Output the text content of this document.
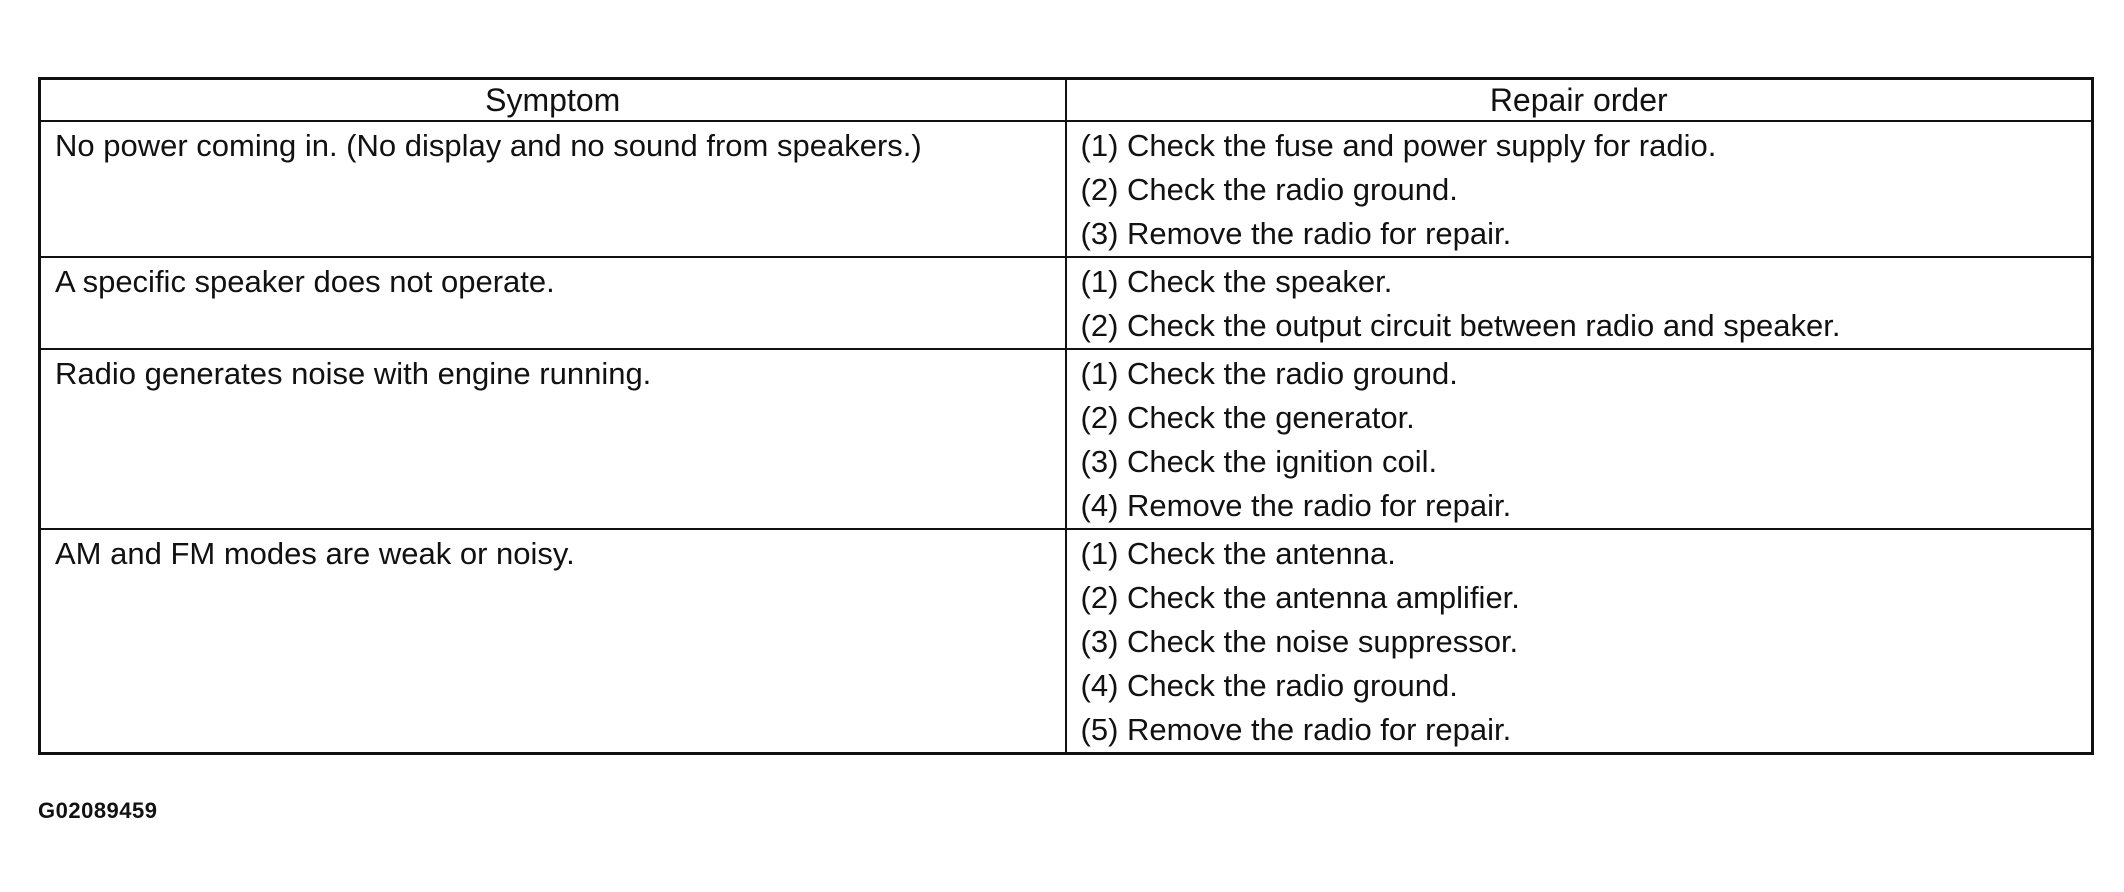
Symptom	Repair order
No power coming in. (No display and no sound from speakers.)	(1) Check the fuse and power supply for radio.
(2) Check the radio ground.
(3) Remove the radio for repair.

A specific speaker does not operate.	(1) Check the speaker.
(2) Check the output circuit between radio and speaker.

Radio generates noise with engine running.	(1) Check the radio ground.
(2) Check the generator.
(3) Check the ignition coil.
(4) Remove the radio for repair.

AM and FM modes are weak or noisy.	(1) Check the antenna.
(2) Check the antenna amplifier.
(3) Check the noise suppressor.
(4) Check the radio ground.
(5) Remove the radio for repair.
G02089459
